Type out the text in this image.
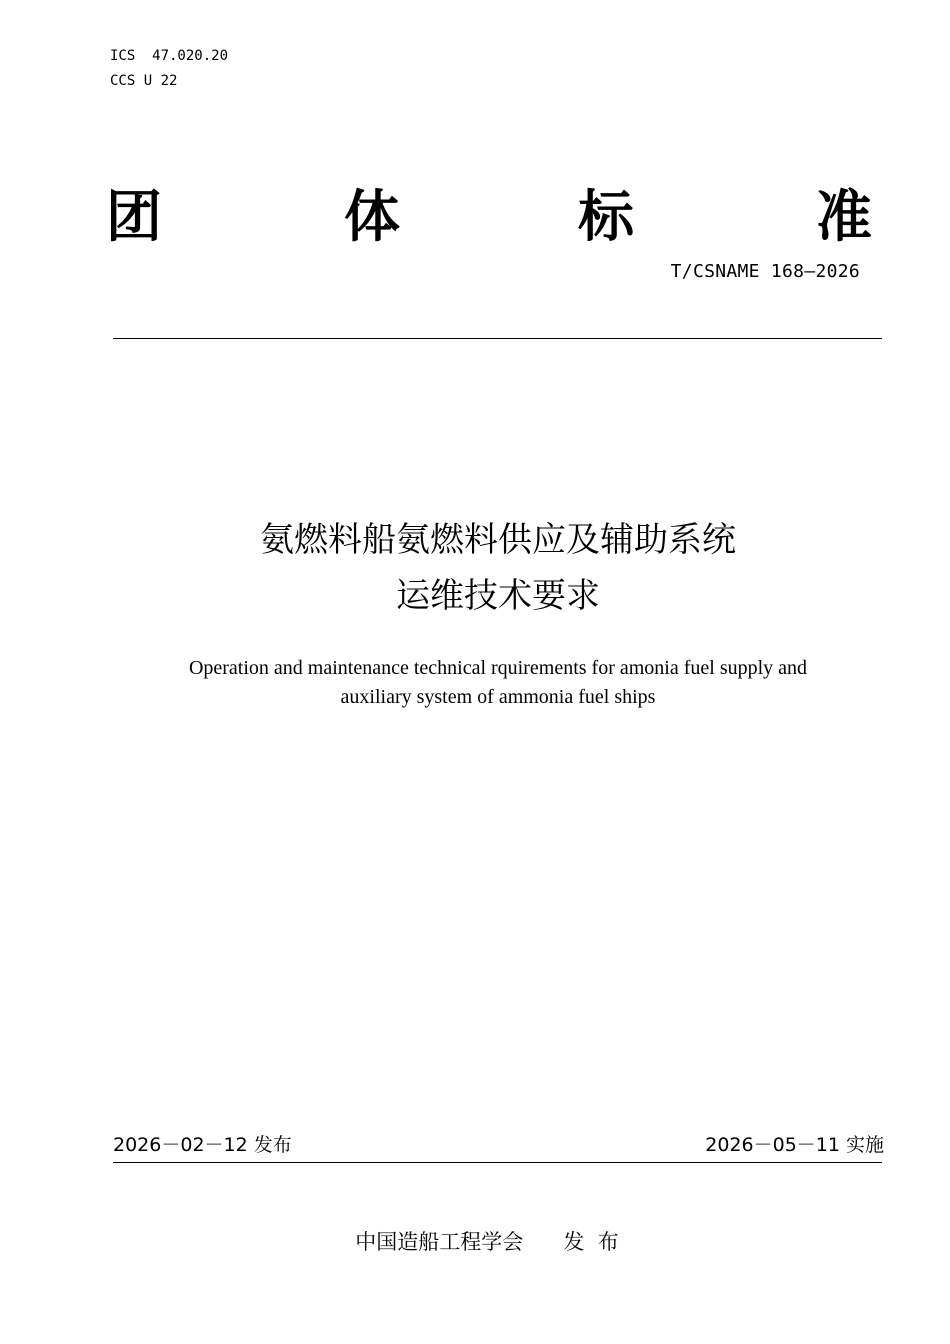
ICS  47.020.20
CCS U 22
团	体	标	准
T/CSNAME 168—2026
氨燃料船氨燃料供应及辅助系统
运维技术要求
Operation and maintenance technical rquirements for amonia fuel supply and
auxiliary system of ammonia fuel ships
2026－02－12 发布	2026－05－11 实施
中国造船工程学会      发  布
